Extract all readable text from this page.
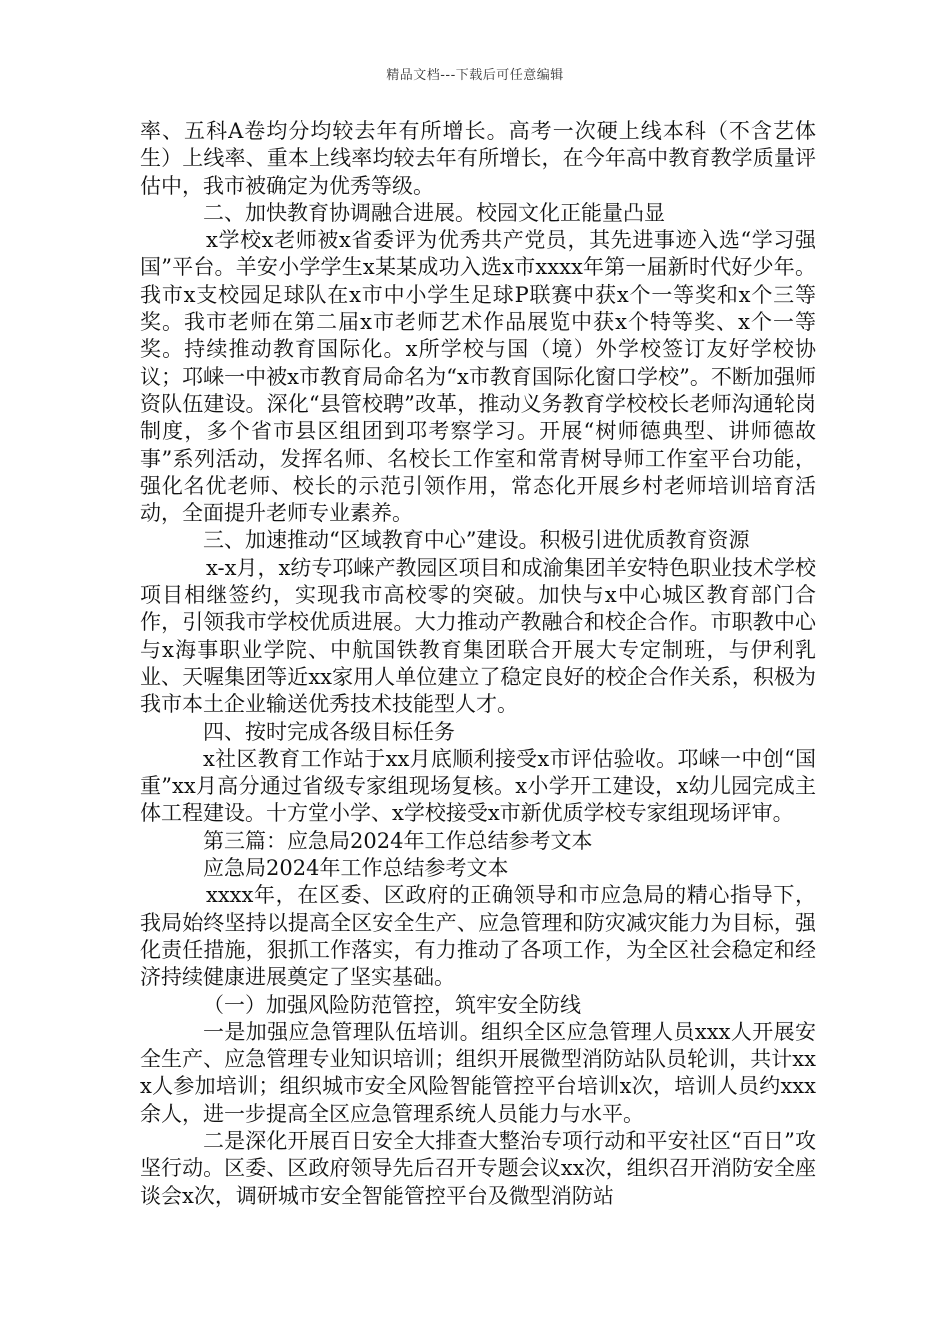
精品文档---下载后可任意编辑

率、五科A卷均分均较去年有所增长。高考一次硬上线本科（不含艺体生）上线率、重本上线率均较去年有所增长，在今年高中教育教学质量评估中，我市被确定为优秀等级。

二、加快教育协调融合进展。校园文化正能量凸显

x学校x老师被x省委评为优秀共产党员，其先进事迹入选“学习强国”平台。羊安小学学生x某某成功入选x市xxxx年第一届新时代好少年。我市x支校园足球队在x市中小学生足球P联赛中获x个一等奖和x个三等奖。我市老师在第二届x市老师艺术作品展览中获x个特等奖、x个一等奖。持续推动教育国际化。x所学校与国（境）外学校签订友好学校协议；邛崃一中被x市教育局命名为“x市教育国际化窗口学校”。不断加强师资队伍建设。深化“县管校聘”改革，推动义务教育学校校长老师沟通轮岗制度，多个省市县区组团到邛考察学习。开展“树师德典型、讲师德故事”系列活动，发挥名师、名校长工作室和常青树导师工作室平台功能，强化名优老师、校长的示范引领作用，常态化开展乡村老师培训培育活动，全面提升老师专业素养。

三、加速推动“区域教育中心”建设。积极引进优质教育资源

x-x月，x纺专邛崃产教园区项目和成渝集团羊安特色职业技术学校项目相继签约，实现我市高校零的突破。加快与x中心城区教育部门合作，引领我市学校优质进展。大力推动产教融合和校企合作。市职教中心与x海事职业学院、中航国铁教育集团联合开展大专定制班，与伊利乳业、天喔集团等近xx家用人单位建立了稳定良好的校企合作关系，积极为我市本土企业输送优秀技术技能型人才。

四、按时完成各级目标任务

x社区教育工作站于xx月底顺利接受x市评估验收。邛崃一中创“国重”xx月高分通过省级专家组现场复核。x小学开工建设，x幼儿园完成主体工程建设。十方堂小学、x学校接受x市新优质学校专家组现场评审。

第三篇：应急局2024年工作总结参考文本

应急局2024年工作总结参考文本

xxxx年，在区委、区政府的正确领导和市应急局的精心指导下，我局始终坚持以提高全区安全生产、应急管理和防灾减灾能力为目标，强化责任措施，狠抓工作落实，有力推动了各项工作，为全区社会稳定和经济持续健康进展奠定了坚实基础。

（一）加强风险防范管控，筑牢安全防线

一是加强应急管理队伍培训。组织全区应急管理人员xxx人开展安全生产、应急管理专业知识培训；组织开展微型消防站队员轮训，共计xxx人参加培训；组织城市安全风险智能管控平台培训x次，培训人员约xxx余人，进一步提高全区应急管理系统人员能力与水平。

二是深化开展百日安全大排查大整治专项行动和平安社区“百日”攻坚行动。区委、区政府领导先后召开专题会议xx次，组织召开消防安全座谈会x次，调研城市安全智能管控平台及微型消防站
